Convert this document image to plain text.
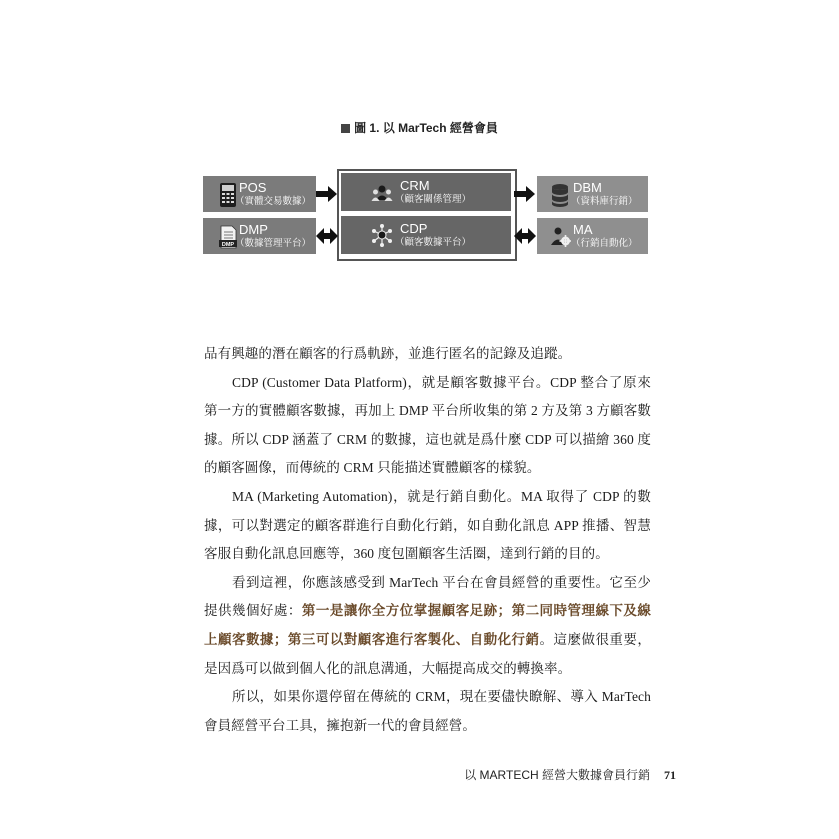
圖 1. 以 MarTech 經營會員
POS
（實體交易數據）
DMP
DMP
（數據管理平台）
CRM
（顧客關係管理）
CDP
（顧客數據平台）
DBM
（資料庫行銷）
MA
（行銷自動化）

品有興趣的潛在顧客的行爲軌跡，並進行匿名的記錄及追蹤。

CDP (Customer Data Platform)，就是顧客數據平台。CDP 整合了原來第一方的實體顧客數據，再加上 DMP 平台所收集的第 2 方及第 3 方顧客數據。所以 CDP 涵蓋了 CRM 的數據，這也就是爲什麼 CDP 可以描繪 360 度的顧客圖像，而傳統的 CRM 只能描述實體顧客的樣貌。

MA (Marketing Automation)，就是行銷自動化。MA 取得了 CDP 的數據，可以對選定的顧客群進行自動化行銷，如自動化訊息 APP 推播、智慧客服自動化訊息回應等，360 度包圍顧客生活圈，達到行銷的目的。

看到這裡，你應該感受到 MarTech 平台在會員經營的重要性。它至少提供幾個好處：第一是讓你全方位掌握顧客足跡；第二同時管理線下及線上顧客數據；第三可以對顧客進行客製化、自動化行銷。這麼做很重要，是因爲可以做到個人化的訊息溝通，大幅提高成交的轉換率。

所以，如果你還停留在傳統的 CRM，現在要儘快瞭解、導入 MarTech 會員經營平台工具，擁抱新一代的會員經營。

以 MARTECH 經營大數據會員行銷 71
